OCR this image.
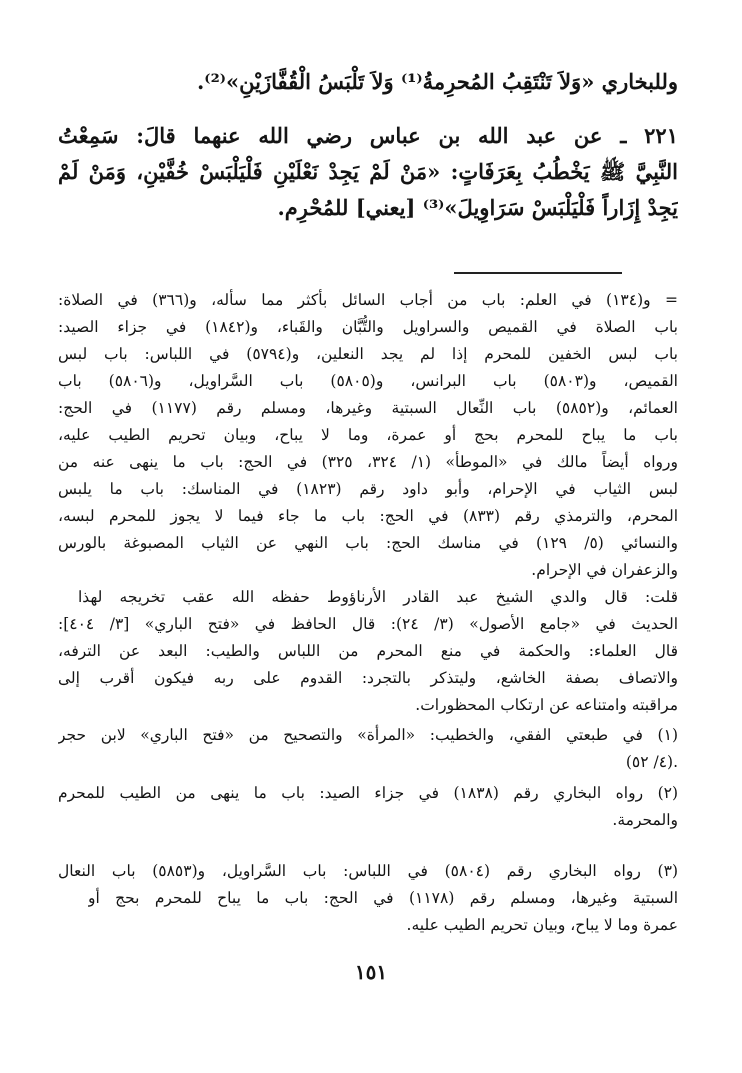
وللبخاري «وَلاَ تَنْتَقِبُ المُحرِمةُ⁽¹⁾ وَلاَ تَلْبَسُ الْقُفَّازَيْنِ»⁽²⁾.
٢٢١ ـ عن عبد الله بن عباس رضي الله عنهما قالَ: سَمِعْتُ
النَّبِيَّ ﷺ يَخْطُبُ بِعَرَفَاتٍ: «مَنْ لَمْ يَجِدْ نَعْلَيْنِ فَلْيَلْبَسْ خُفَّيْنِ، وَمَنْ لَمْ
يَجِدْ إِزَاراً فَلْيَلْبَسْ سَرَاوِيلَ»⁽³⁾ [يعني] للمُحْرِم.
= و(١٣٤) في العلم: باب من أجاب السائل بأكثر مما سأله، و(٣٦٦) في الصلاة:
باب الصلاة في القميص والسراويل والتُّبَّان والقَباء، و(١٨٤٢) في جزاء الصيد:
باب لبس الخفين للمحرم إذا لم يجد النعلين، و(٥٧٩٤) في اللباس: باب لبس
القميص، و(٥٨٠٣) باب البرانس، و(٥٨٠٥) باب السَّراويل، و(٥٨٠٦) باب
العمائم، و(٥٨٥٢) باب النِّعال السبتية وغيرها، ومسلم رقم (١١٧٧) في الحج:
باب ما يباح للمحرم بحج أو عمرة، وما لا يباح، وبيان تحريم الطيب عليه،
ورواه أيضاً مالك في «الموطأ» (١/ ٣٢٤، ٣٢٥) في الحج: باب ما ينهى عنه من
لبس الثياب في الإحرام، وأبو داود رقم (١٨٢٣) في المناسك: باب ما يلبس
المحرم، والترمذي رقم (٨٣٣) في الحج: باب ما جاء فيما لا يجوز للمحرم لبسه،
والنسائي (٥/ ١٢٩) في مناسك الحج: باب النهي عن الثياب المصبوغة بالورس
والزعفران في الإحرام.
قلت: قال والدي الشيخ عبد القادر الأرناؤوط حفظه الله عقب تخريجه لهذا
الحديث في «جامع الأصول» (٣/ ٢٤): قال الحافظ في «فتح الباري» [٣/ ٤٠٤]:
قال العلماء: والحكمة في منع المحرم من اللباس والطيب: البعد عن الترفه،
والاتصاف بصفة الخاشع، وليتذكر بالتجرد: القدوم على ربه فيكون أقرب إلى
مراقبته وامتناعه عن ارتكاب المحظورات.
(١) في طبعتي الفقي، والخطيب: «المرأة» والتصحيح من «فتح الباري» لابن حجر
(٤/ ٥٢).
(٢) رواه البخاري رقم (١٨٣٨) في جزاء الصيد: باب ما ينهى من الطيب للمحرم
والمحرمة.
(٣) رواه البخاري رقم (٥٨٠٤) في اللباس: باب السَّراويل، و(٥٨٥٣) باب النعال
السبتية وغيرها، ومسلم رقم (١١٧٨) في الحج: باب ما يباح للمحرم بحج أو
عمرة وما لا يباح، وبيان تحريم الطيب عليه.
١٥١
